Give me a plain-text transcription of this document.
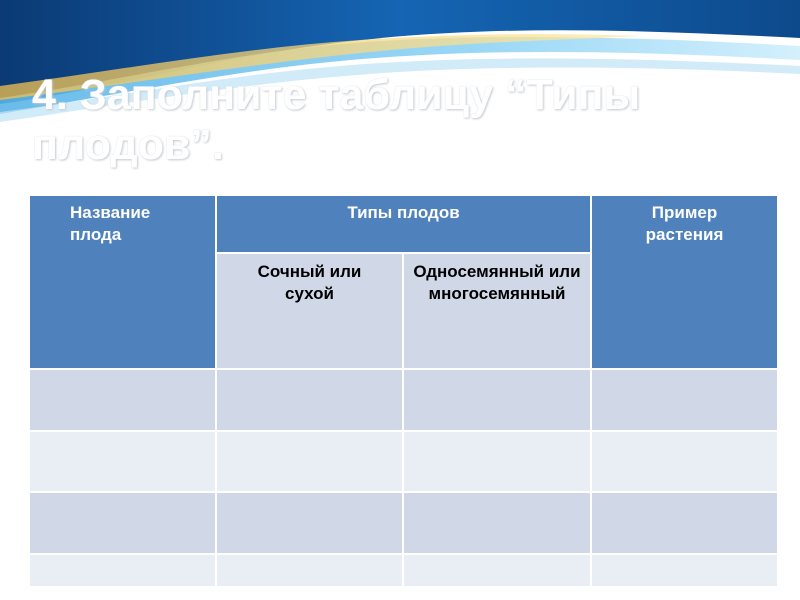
4. Заполните таблицу “Типы плодов”.
Название плода	Типы плодов		Пример растения
	Сочный или сухой	Односемянный или многосемянный	
